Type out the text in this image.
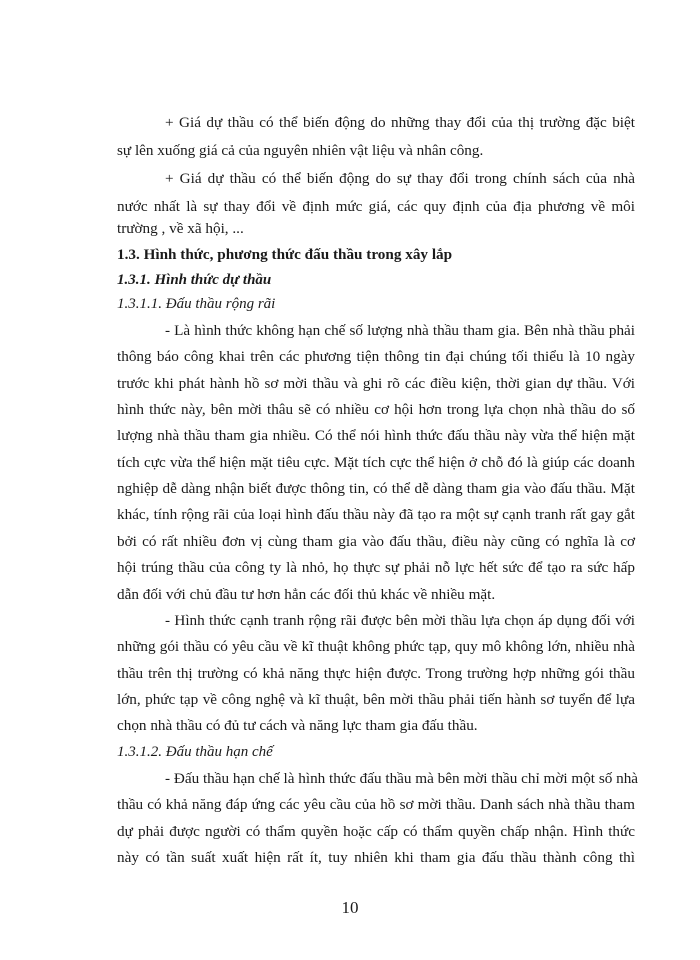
+ Giá dự thầu có thể biến động do những thay đổi của thị trường đặc biệt
sự lên xuống giá cả của nguyên nhiên vật liệu và nhân công.
+ Giá dự thầu có thể biến động do sự thay đổi trong chính sách của nhà
nước nhất là sự thay đổi về định mức giá, các quy định của địa phương về môi
trường , về xã hội, ...
1.3. Hình thức, phương thức đấu thầu trong xây lắp
1.3.1. Hình thức dự thầu
1.3.1.1. Đấu thầu rộng rãi
- Là hình thức không hạn chế số lượng nhà thầu tham gia. Bên nhà thầu phải
thông báo công khai trên các phương tiện thông tin đại chúng tối thiểu là 10 ngày
trước khi phát hành hồ sơ mời thầu và ghi rõ các điều kiện, thời gian dự thầu. Với
hình thức này, bên mời thâu sẽ có nhiều cơ hội hơn trong lựa chọn nhà thầu do số
lượng nhà thầu tham gia nhiều. Có thể nói hình thức đấu thầu này vừa thể hiện mặt
tích cực vừa thể hiện mặt tiêu cực. Mặt tích cực thể hiện ở chỗ đó là giúp các doanh
nghiệp dễ dàng nhận biết được thông tin, có thể dễ dàng tham gia vào đấu thầu. Mặt
khác, tính rộng rãi của loại hình đấu thầu này đã tạo ra một sự cạnh tranh rất gay gắt
bởi có rất nhiều đơn vị cùng tham gia vào đấu thầu, điều này cũng có nghĩa là cơ
hội trúng thầu của công ty là nhỏ, họ thực sự phải nỗ lực hết sức để tạo ra sức hấp
dẫn đối với chủ đầu tư hơn hẳn các đối thủ khác về nhiều mặt.
- Hình thức cạnh tranh rộng rãi được bên mời thầu lựa chọn áp dụng đối với
những gói thầu có yêu cầu về kĩ thuật không phức tạp, quy mô không lớn, nhiều nhà
thầu trên thị trường có khả năng thực hiện được. Trong trường hợp những gói thầu
lớn, phức tạp về công nghệ và kĩ thuật, bên mời thầu phải tiến hành sơ tuyển để lựa
chọn nhà thầu có đủ tư cách và năng lực tham gia đấu thầu.
1.3.1.2. Đấu thầu hạn chế
- Đấu thầu hạn chế là hình thức đấu thầu mà bên mời thầu chỉ mời một số nhà
thầu có khả năng đáp ứng các yêu cầu của hồ sơ mời thầu. Danh sách nhà thầu tham
dự phải được người có thẩm quyền hoặc cấp có thẩm quyền chấp nhận. Hình thức
này có tần suất xuất hiện rất ít, tuy nhiên khi tham gia đấu thầu thành công thì
10
